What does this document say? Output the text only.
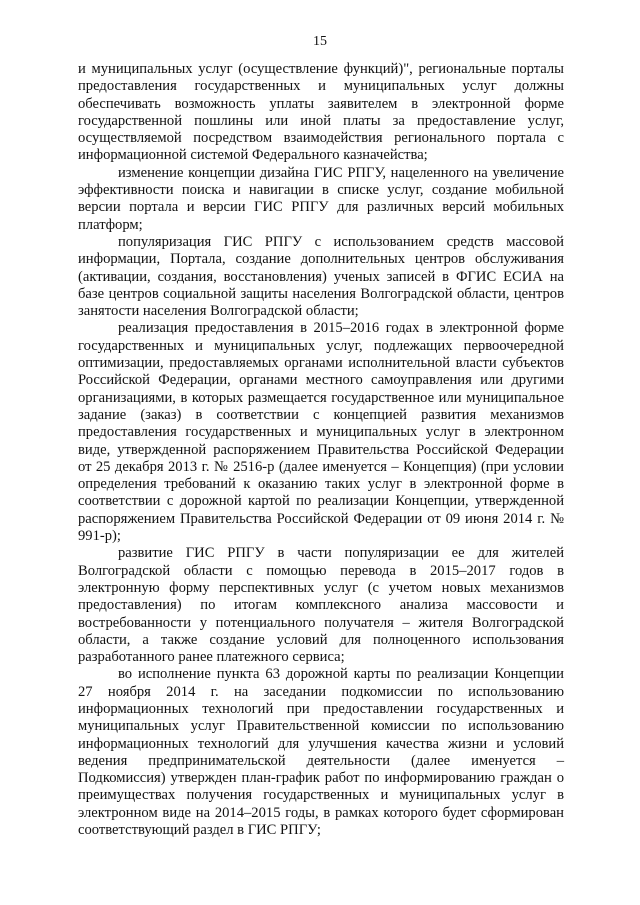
15

и муниципальных услуг (осуществление функций)", региональные порталы предоставления государственных и муниципальных услуг должны обеспечивать возможность уплаты заявителем в электронной форме государственной пошлины или иной платы за предоставление услуг, осуществляемой посредством взаимодействия регионального портала с информационной системой Федерального казначейства;

изменение концепции дизайна ГИС РПГУ, нацеленного на увеличение эффективности поиска и навигации в списке услуг, создание мобильной версии портала и версии ГИС РПГУ для различных версий мобильных платформ;

популяризация ГИС РПГУ с использованием средств массовой информации, Портала, создание дополнительных центров обслуживания (активации, создания, восстановления) ученых записей в ФГИС ЕСИА на базе центров социальной защиты населения Волгоградской области, центров занятости населения Волгоградской области;

реализация предоставления в 2015–2016 годах в электронной форме государственных и муниципальных услуг, подлежащих первоочередной оптимизации, предоставляемых органами исполнительной власти субъектов Российской Федерации, органами местного самоуправления или другими организациями, в которых размещается государственное или муниципальное задание (заказ) в соответствии с концепцией развития механизмов предоставления государственных и муниципальных услуг в электронном виде, утвержденной распоряжением Правительства Российской Федерации от 25 декабря 2013 г. № 2516-р (далее именуется – Концепция) (при условии определения требований к оказанию таких услуг в электронной форме в соответствии с дорожной картой по реализации Концепции, утвержденной распоряжением Правительства Российской Федерации от 09 июня 2014 г. № 991-р);

развитие ГИС РПГУ в части популяризации ее для жителей Волгоградской области с помощью перевода в 2015–2017 годов в электронную форму перспективных услуг (с учетом новых механизмов предоставления) по итогам комплексного анализа массовости и востребованности у потенциального получателя – жителя Волгоградской области, а также создание условий для полноценного использования разработанного ранее платежного сервиса;

во исполнение пункта 63 дорожной карты по реализации Концепции 27 ноября 2014 г. на заседании подкомиссии по использованию информационных технологий при предоставлении государственных и муниципальных услуг Правительственной комиссии по использованию информационных технологий для улучшения качества жизни и условий ведения предпринимательской деятельности (далее именуется – Подкомиссия) утвержден план-график работ по информированию граждан о преимуществах получения государственных и муниципальных услуг в электронном виде на 2014–2015 годы, в рамках которого будет сформирован соответствующий раздел в ГИС РПГУ;
